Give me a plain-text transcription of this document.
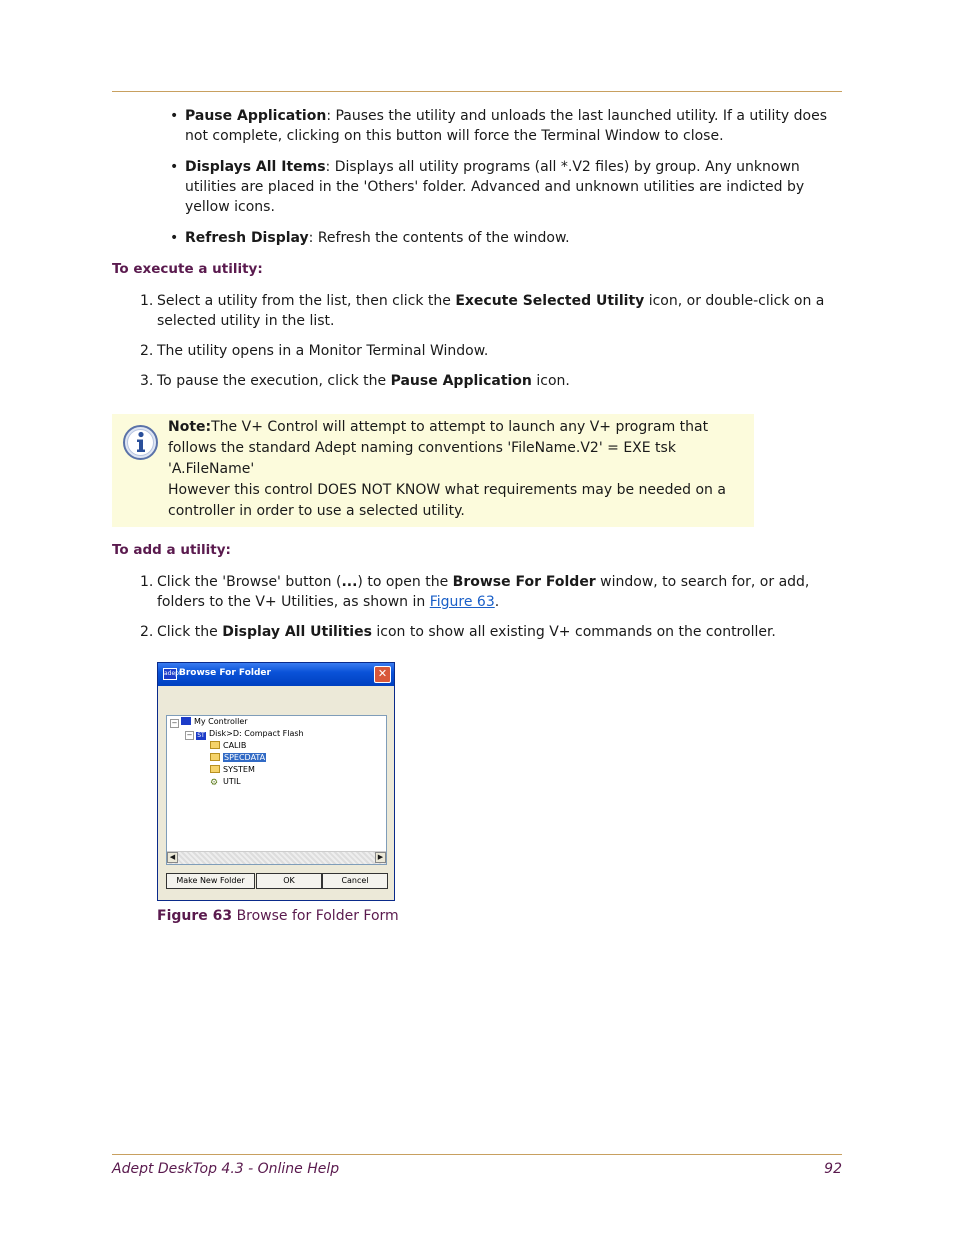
• Pause Application: Pauses the utility and unloads the last launched utility. If a utility does not complete, clicking on this button will force the Terminal Window to close.
• Displays All Items: Displays all utility programs (all *.V2 files) by group. Any unknown utilities are placed in the 'Others' folder. Advanced and unknown utilities are indicted by yellow icons.
• Refresh Display: Refresh the contents of the window.
To execute a utility:
1. Select a utility from the list, then click the Execute Selected Utility icon, or double-click on a selected utility in the list.
2. The utility opens in a Monitor Terminal Window.
3. To pause the execution, click the Pause Application icon.
Note:The V+ Control will attempt to attempt to launch any V+ program that follows the standard Adept naming conventions 'FileName.V2' = EXE tsk 'A.FileName'
However this control DOES NOT KNOW what requirements may be needed on a controller in order to use a selected utility.
To add a utility:
1. Click the 'Browse' button (...) to open the Browse For Folder window, to search for, or add, folders to the V+ Utilities, as shown in Figure 63.
2. Click the Display All Utilities icon to show all existing V+ commands on the controller.
adept
Browse For Folder	✕
−	My Controller
− ST Disk>D: Compact Flash
CALIB
SPECDATA
SYSTEM
⚙ UTIL
◀	▶
Make New Folder	OK	Cancel
Figure 63 Browse for Folder Form
Adept DeskTop 4.3 - Online Help	92
